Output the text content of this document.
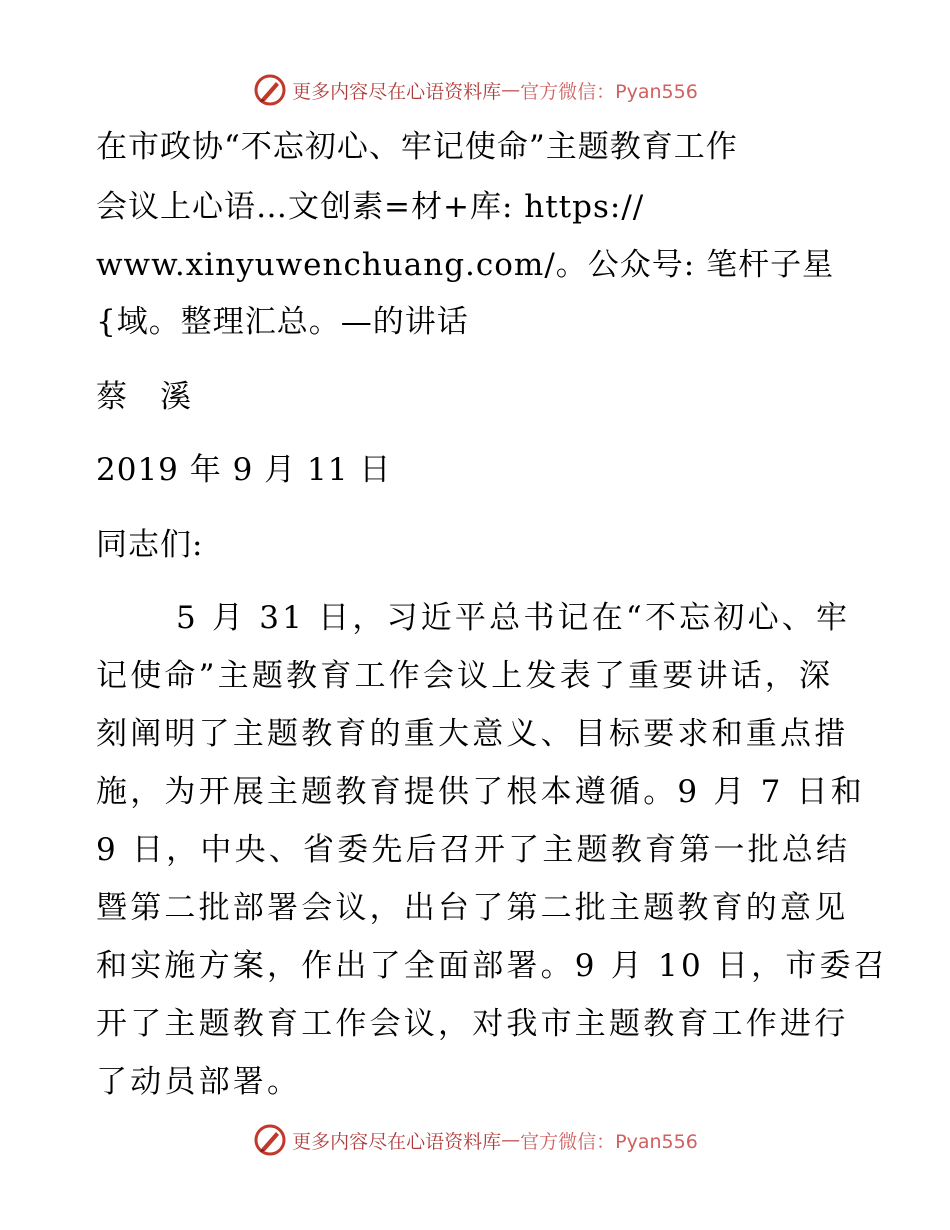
更多内容尽在心语资料库 — 官方微信：Pyan556
在市政协“不忘初心、牢记使命”主题教育工作
会议上心语…文创素=材+库: https://
www.xinyuwenchuang.com/。公众号: 笔杆子星
{域。整理汇总。—的讲话
蔡　溪
2019 年 9 月 11 日
同志们:
5 月 31 日，习近平总书记在“不忘初心、牢
记使命”主题教育工作会议上发表了重要讲话，深
刻阐明了主题教育的重大意义、目标要求和重点措
施，为开展主题教育提供了根本遵循。9 月 7 日和
9 日，中央、省委先后召开了主题教育第一批总结
暨第二批部署会议，出台了第二批主题教育的意见
和实施方案，作出了全面部署。9 月 10 日，市委召
开了主题教育工作会议，对我市主题教育工作进行
了动员部署。
更多内容尽在心语资料库 — 官方微信：Pyan556
